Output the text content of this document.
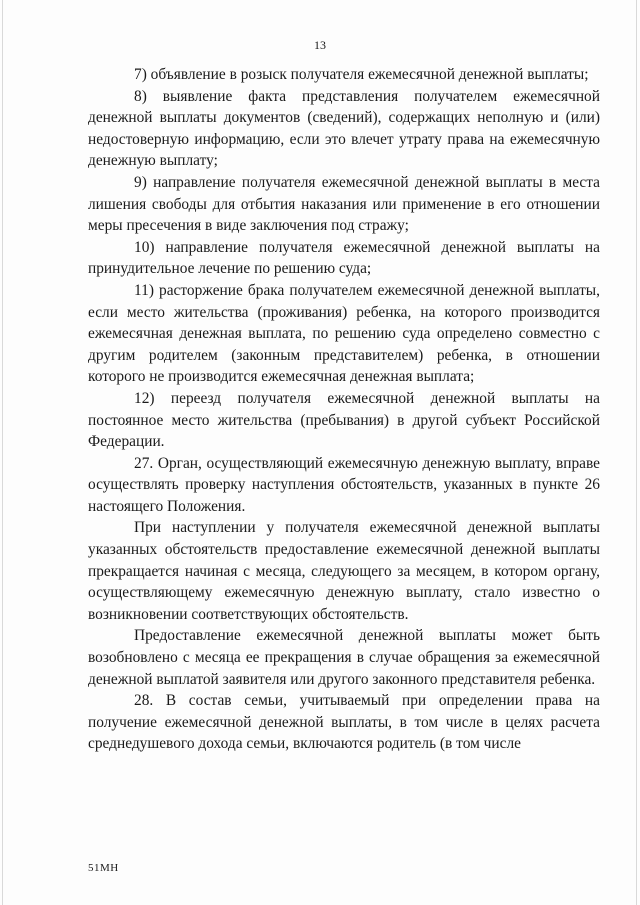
13

7) объявление в розыск получателя ежемесячной денежной выплаты;

8) выявление факта представления получателем ежемесячной денежной выплаты документов (сведений), содержащих неполную и (или) недостоверную информацию, если это влечет утрату права на ежемесячную денежную выплату;

9) направление получателя ежемесячной денежной выплаты в места лишения свободы для отбытия наказания или применение в его отношении меры пресечения в виде заключения под стражу;

10) направление получателя ежемесячной денежной выплаты на принудительное лечение по решению суда;

11) расторжение брака получателем ежемесячной денежной выплаты, если место жительства (проживания) ребенка, на которого производится ежемесячная денежная выплата, по решению суда определено совместно с другим родителем (законным представителем) ребенка, в отношении которого не производится ежемесячная денежная выплата;

12) переезд получателя ежемесячной денежной выплаты на постоянное место жительства (пребывания) в другой субъект Российской Федерации.

27. Орган, осуществляющий ежемесячную денежную выплату, вправе осуществлять проверку наступления обстоятельств, указанных в пункте 26 настоящего Положения.

При наступлении у получателя ежемесячной денежной выплаты указанных обстоятельств предоставление ежемесячной денежной выплаты прекращается начиная с месяца, следующего за месяцем, в котором органу, осуществляющему ежемесячную денежную выплату, стало известно о возникновении соответствующих обстоятельств.

Предоставление ежемесячной денежной выплаты может быть возобновлено с месяца ее прекращения в случае обращения за ежемесячной денежной выплатой заявителя или другого законного представителя ребенка.

28. В состав семьи, учитываемый при определении права на получение ежемесячной денежной выплаты, в том числе в целях расчета среднедушевого дохода семьи, включаются родитель (в том числе

51MH
